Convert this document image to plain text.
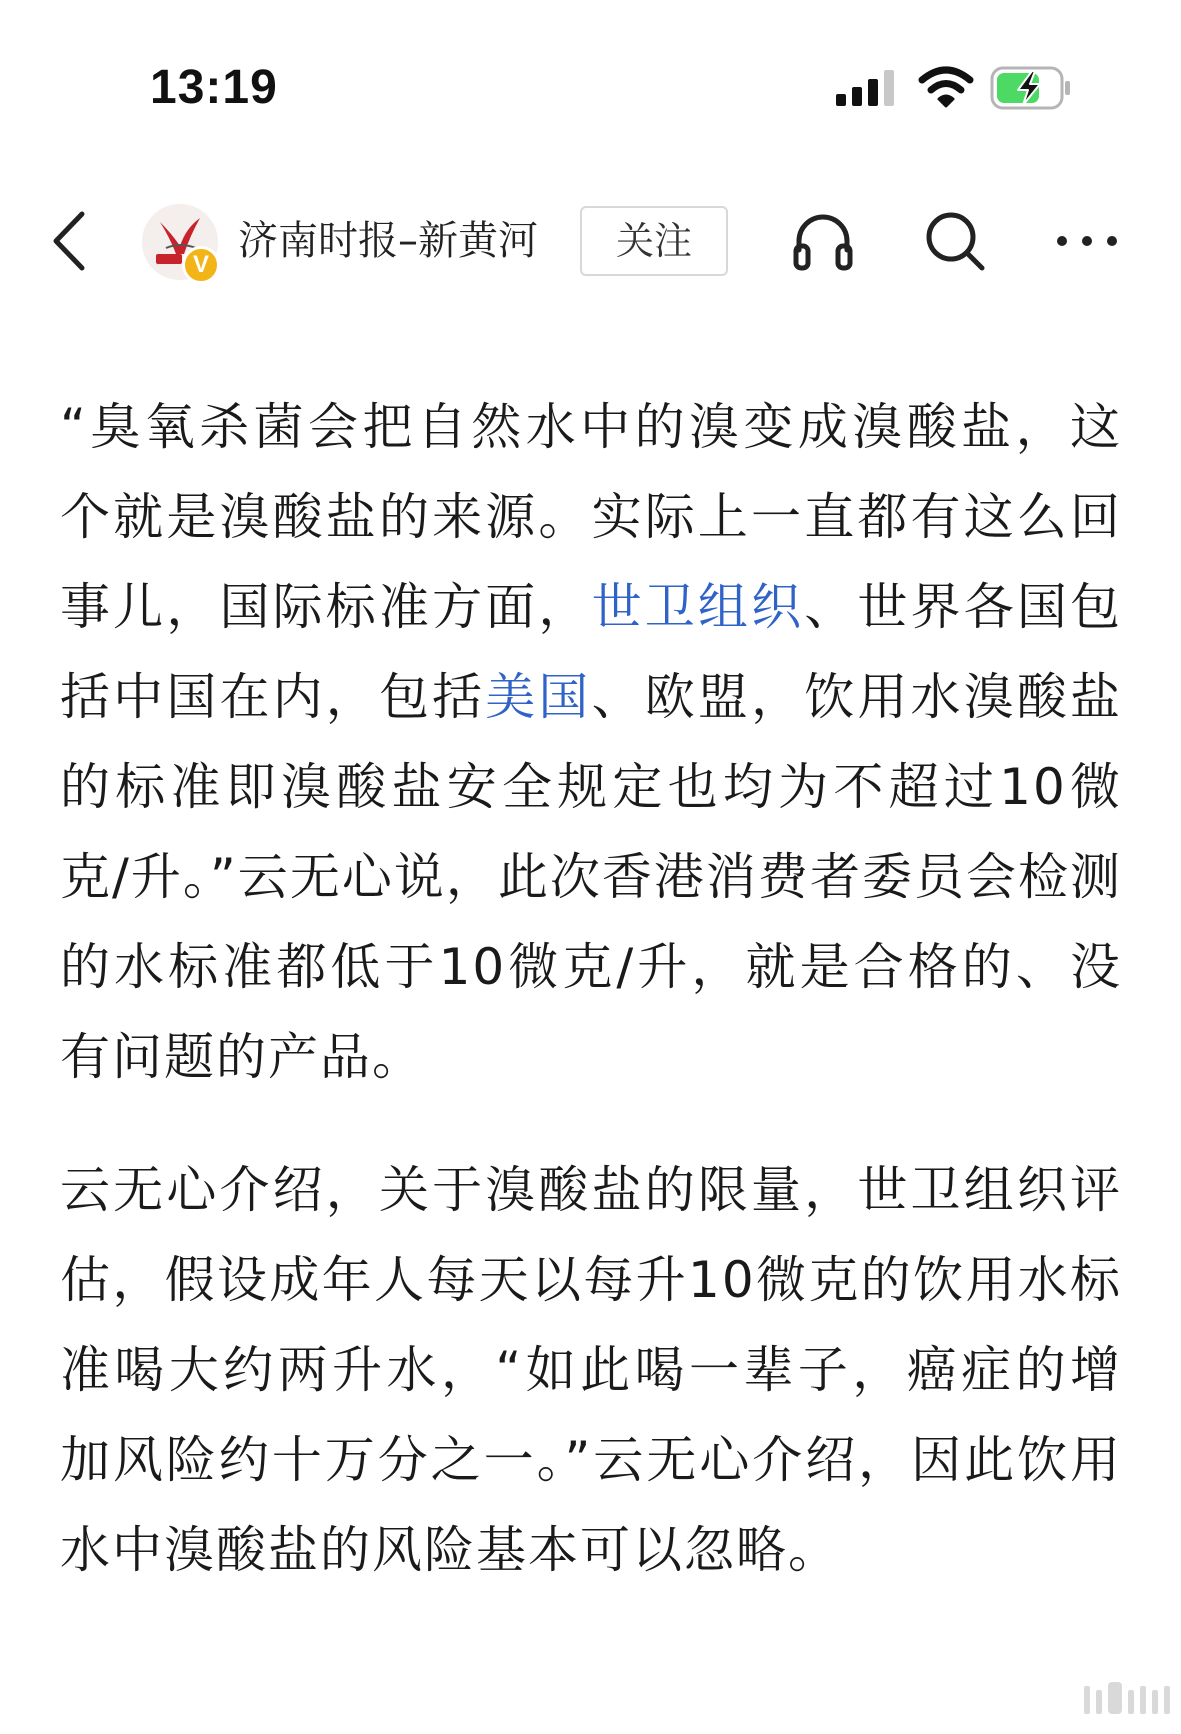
13:19
V
济南时报–新黄河	关注

“臭氧杀菌会把自然水中的溴变成溴酸盐，这个就是溴酸盐的来源。实际上一直都有这么回事儿，国际标准方面，世卫组织、世界各国包括中国在内，包括美国、欧盟，饮用水溴酸盐的标准即溴酸盐安全规定也均为不超过10微克/升。”云无心说，此次香港消费者委员会检测的水标准都低于10微克/升，就是合格的、没有问题的产品。
云无心介绍，关于溴酸盐的限量，世卫组织评估，假设成年人每天以每升10微克的饮用水标准喝大约两升水，“如此喝一辈子，癌症的增加风险约十万分之一。”云无心介绍，因此饮用水中溴酸盐的风险基本可以忽略。
